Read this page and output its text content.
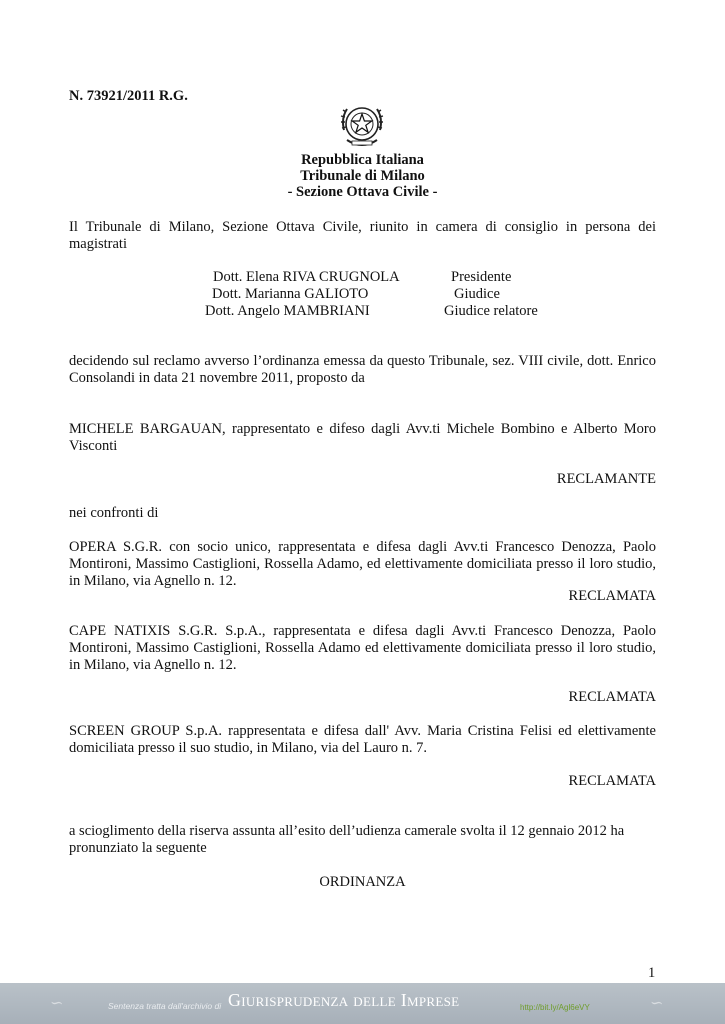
N. 73921/2011 R.G.
Repubblica Italiana
Tribunale di Milano
- Sezione Ottava Civile -
Il Tribunale di Milano, Sezione Ottava Civile, riunito in camera di consiglio in persona dei magistrati
Dott. Elena RIVA CRUGNOLA	Presidente
Dott. Marianna GALIOTO	Giudice
Dott. Angelo MAMBRIANI	Giudice relatore
decidendo sul reclamo avverso l’ordinanza emessa da questo Tribunale, sez. VIII civile, dott. Enrico Consolandi in data 21 novembre 2011, proposto da
MICHELE BARGAUAN, rappresentato e difeso dagli Avv.ti Michele Bombino e Alberto Moro Visconti
RECLAMANTE
nei confronti di
OPERA S.G.R. con socio unico, rappresentata e difesa dagli Avv.ti Francesco Denozza, Paolo Montironi, Massimo Castiglioni, Rossella Adamo, ed elettivamente domiciliata presso il loro studio, in Milano, via Agnello n. 12.
RECLAMATA
CAPE NATIXIS S.G.R. S.p.A., rappresentata e difesa dagli Avv.ti Francesco Denozza, Paolo Montironi, Massimo Castiglioni, Rossella Adamo ed elettivamente domiciliata presso il loro studio, in Milano, via Agnello n. 12.
RECLAMATA
SCREEN GROUP S.p.A. rappresentata e difesa dall' Avv. Maria Cristina Felisi ed elettivamente domiciliata presso il suo studio, in Milano, via del Lauro n. 7.
RECLAMATA
a scioglimento della riserva assunta all’esito dell’udienza camerale svolta il 12 gennaio 2012 ha pronunziato la seguente
ORDINANZA
1
∽	Sentenza tratta dall'archivio di Giurisprudenza delle Imprese	http://bit.ly/Agl6eVY	∽
